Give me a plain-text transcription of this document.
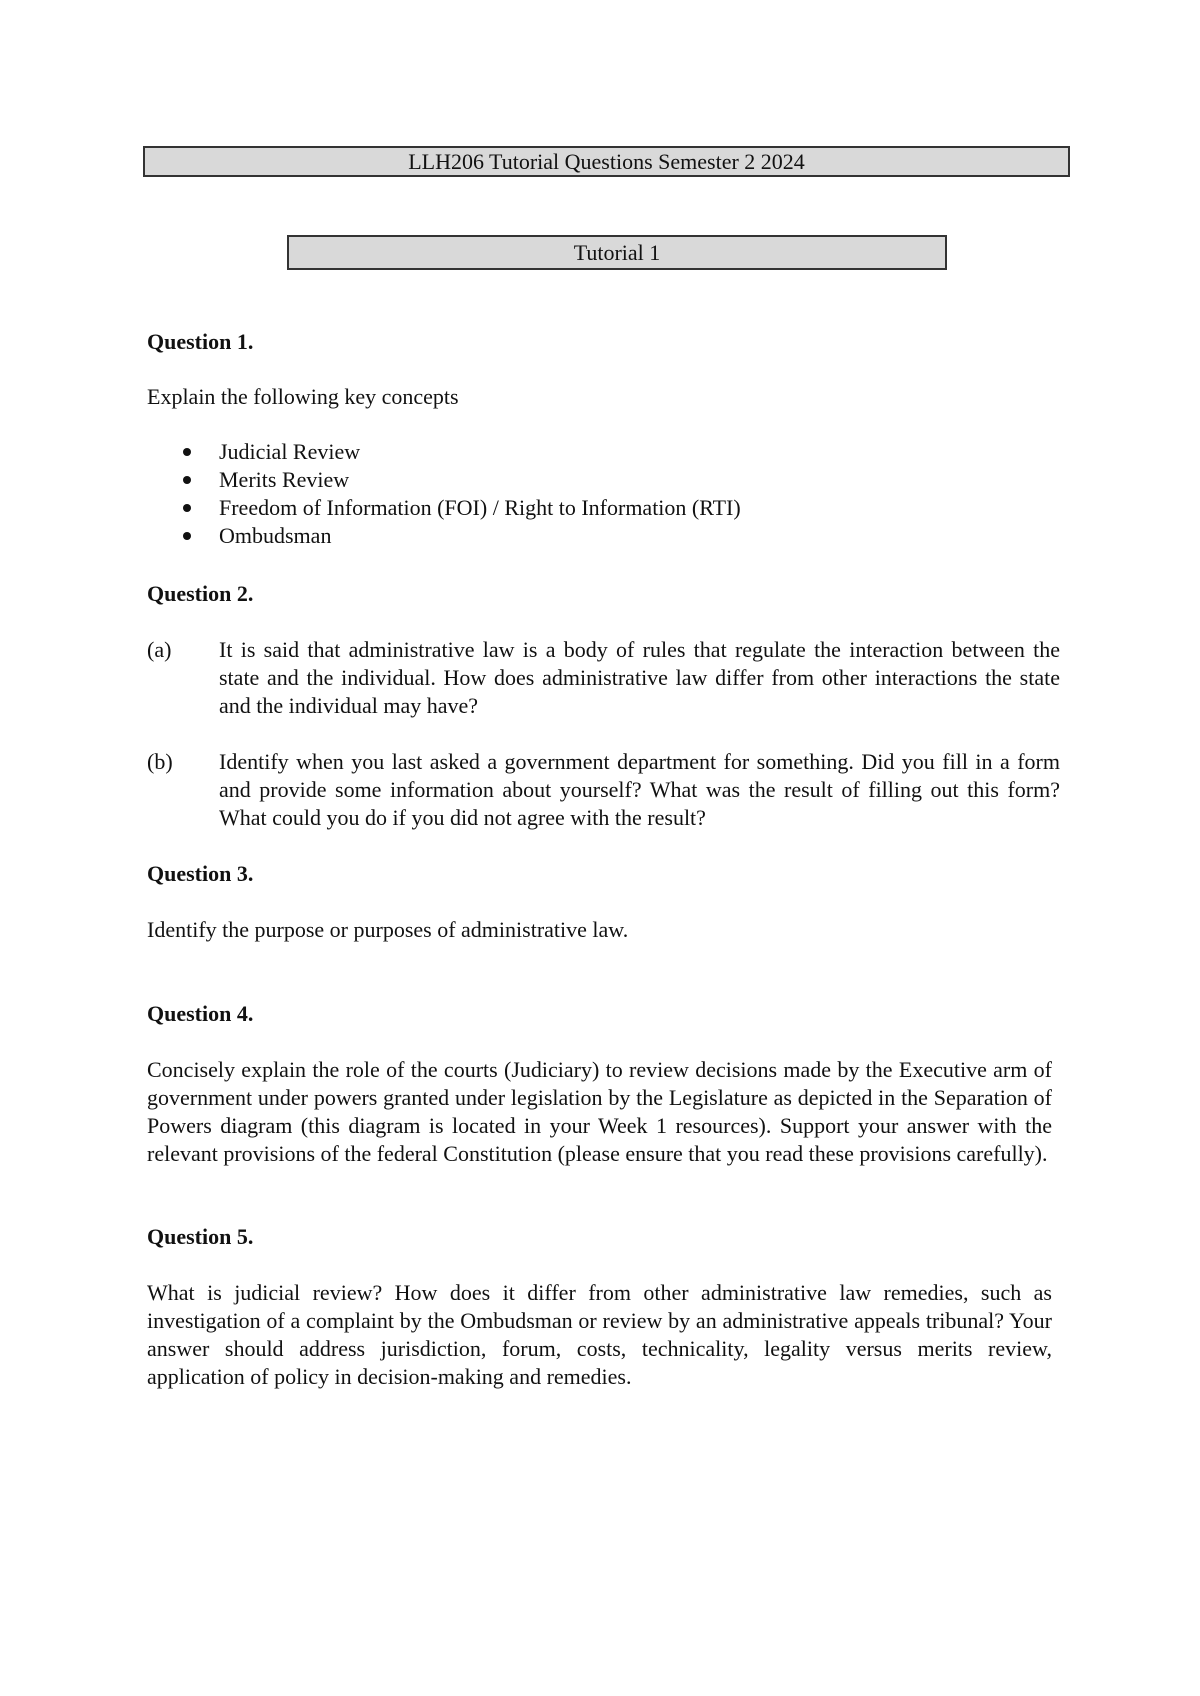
LLH206 Tutorial Questions Semester 2 2024
Tutorial 1

Question 1.

Explain the following key concepts

Judicial Review
Merits Review
Freedom of Information (FOI) / Right to Information (RTI)
Ombudsman

Question 2.

(a) It is said that administrative law is a body of rules that regulate the interaction between the state and the individual. How does administrative law differ from other interactions the state and the individual may have?
(b) Identify when you last asked a government department for something. Did you fill in a form and provide some information about yourself? What was the result of filling out this form? What could you do if you did not agree with the result?

Question 3.

Identify the purpose or purposes of administrative law.

Question 4.

Concisely explain the role of the courts (Judiciary) to review decisions made by the Executive arm of government under powers granted under legislation by the Legislature as depicted in the Separation of Powers diagram (this diagram is located in your Week 1 resources). Support your answer with the relevant provisions of the federal Constitution (please ensure that you read these provisions carefully).

Question 5.

What is judicial review? How does it differ from other administrative law remedies, such as investigation of a complaint by the Ombudsman or review by an administrative appeals tribunal? Your answer should address jurisdiction, forum, costs, technicality, legality versus merits review, application of policy in decision-making and remedies.
